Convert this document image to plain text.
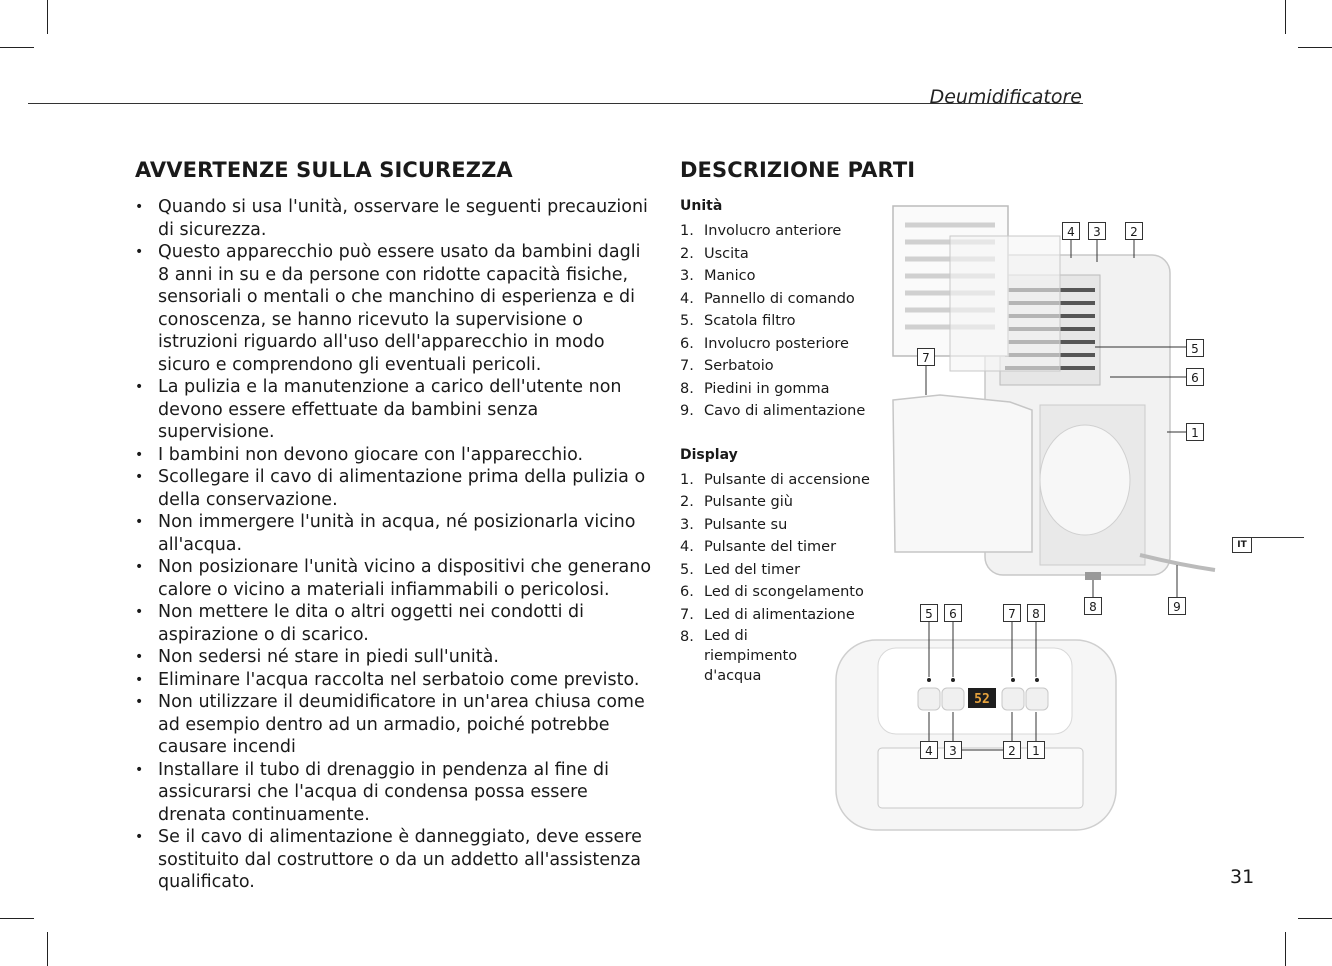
Deumidificatore
AVVERTENZE SULLA SICUREZZA
• Quando si usa l'unità, osservare le seguenti precauzioni di sicurezza.
• Questo apparecchio può essere usato da bambini dagli 8 anni in su e da persone con ridotte capacità fisiche, sensoriali o mentali o che manchino di esperienza e di conoscenza, se hanno ricevuto la supervisione o istruzioni riguardo all'uso dell'apparecchio in modo sicuro e comprendono gli eventuali pericoli.
• La pulizia e la manutenzione a carico dell'utente non devono essere effettuate da bambini senza supervisione.
• I bambini non devono giocare con l'apparecchio.
• Scollegare il cavo di alimentazione prima della pulizia o della conservazione.
• Non immergere l'unità in acqua, né posizionarla vicino all'acqua.
• Non posizionare l'unità vicino a dispositivi che generano calore o vicino a materiali infiammabili o pericolosi.
• Non mettere le dita o altri oggetti nei condotti di aspirazione o di scarico.
• Non sedersi né stare in piedi sull'unità.
• Eliminare l'acqua raccolta nel serbatoio come previsto.
• Non utilizzare il deumidificatore in un'area chiusa come ad esempio dentro ad un armadio, poiché potrebbe causare incendi
• Installare il tubo di drenaggio in pendenza al fine di assicurarsi che l'acqua di condensa possa essere drenata continuamente.
• Se il cavo di alimentazione è danneggiato, deve essere sostituito dal costruttore o da un addetto all'assistenza qualificato.
DESCRIZIONE PARTI
Unità
1. Involucro anteriore
2. Uscita
3. Manico
4. Pannello di comando
5. Scatola filtro
6. Involucro posteriore
7. Serbatoio
8. Piedini in gomma
9. Cavo di alimentazione
Display
1. Pulsante di accensione
2. Pulsante giù
3. Pulsante su
4. Pulsante del timer
5. Led del timer
6. Led di scongelamento
7. Led di alimentazione
8. Led di riempimento d'acqua
52
4	3	2
5
6
7
1
8	9
5	6	7	8
4	3	2	1
IT
31
